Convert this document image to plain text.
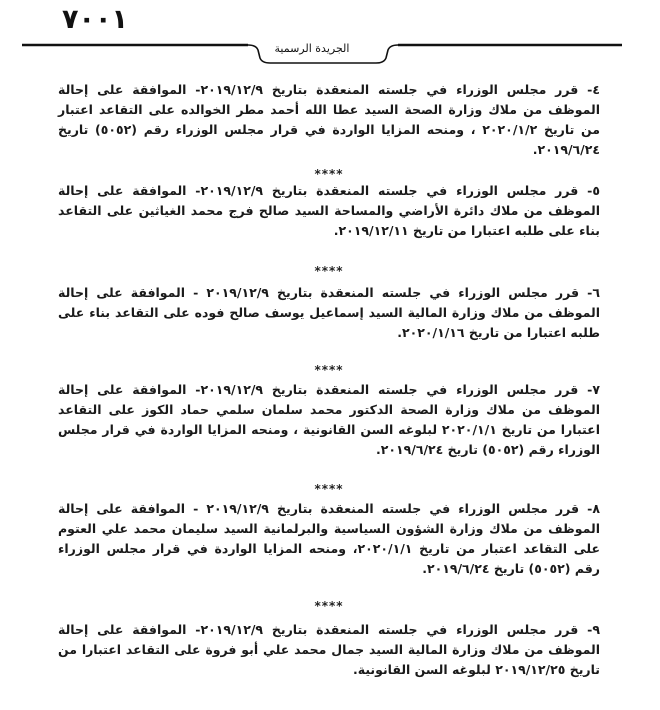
٧٠٠١
الجريدة الرسمية
٤- قرر مجلس الوزراء في جلسته المنعقدة بتاريخ ٢٠١٩/١٢/٩- الموافقة على إحالة الموظف من ملاك وزارة الصحة السيد عطا الله أحمد مطر الخوالده على التقاعد اعتبار من تاريخ ٢٠٢٠/١/٢ ، ومنحه المزايا الواردة في قرار مجلس الوزراء رقم (٥٠٥٢) تاريخ ٢٠١٩/٦/٢٤.
****
٥- قرر مجلس الوزراء في جلسته المنعقدة بتاريخ ٢٠١٩/١٢/٩- الموافقة على إحالة الموظف من ملاك دائرة الأراضي والمساحة السيد صالح فرج محمد الغياثين على التقاعد بناء على طلبه اعتبارا من تاريخ ٢٠١٩/١٢/١١.
****
٦- قرر مجلس الوزراء في جلسته المنعقدة بتاريخ ٢٠١٩/١٢/٩ - الموافقة على إحالة الموظف من ملاك وزارة المالية السيد إسماعيل يوسف صالح فوده على التقاعد بناء على طلبه اعتبارا من تاريخ ٢٠٢٠/١/١٦.
****
٧- قرر مجلس الوزراء في جلسته المنعقدة بتاريخ ٢٠١٩/١٢/٩- الموافقة على إحالة الموظف من ملاك وزارة الصحة الدكتور محمد سلمان سلمي حماد الكوز على التقاعد اعتبارا من تاريخ ٢٠٢٠/١/١ لبلوغه السن القانونية ، ومنحه المزايا الواردة في قرار مجلس الوزراء رقم (٥٠٥٢) تاريخ ٢٠١٩/٦/٢٤.
****
٨- قرر مجلس الوزراء في جلسته المنعقدة بتاريخ ٢٠١٩/١٢/٩ - الموافقة على إحالة الموظف من ملاك وزارة الشؤون السياسية والبرلمانية السيد سليمان محمد علي العتوم على التقاعد اعتبار من تاريخ ٢٠٢٠/١/١، ومنحه المزايا الواردة في قرار مجلس الوزراء رقم (٥٠٥٢) تاريخ ٢٠١٩/٦/٢٤.
****
٩- قرر مجلس الوزراء في جلسته المنعقدة بتاريخ ٢٠١٩/١٢/٩- الموافقة على إحالة الموظف من ملاك وزارة المالية السيد جمال محمد علي أبو فروة على التقاعد اعتبارا من تاريخ ٢٠١٩/١٢/٢٥ لبلوغه السن القانونية.
